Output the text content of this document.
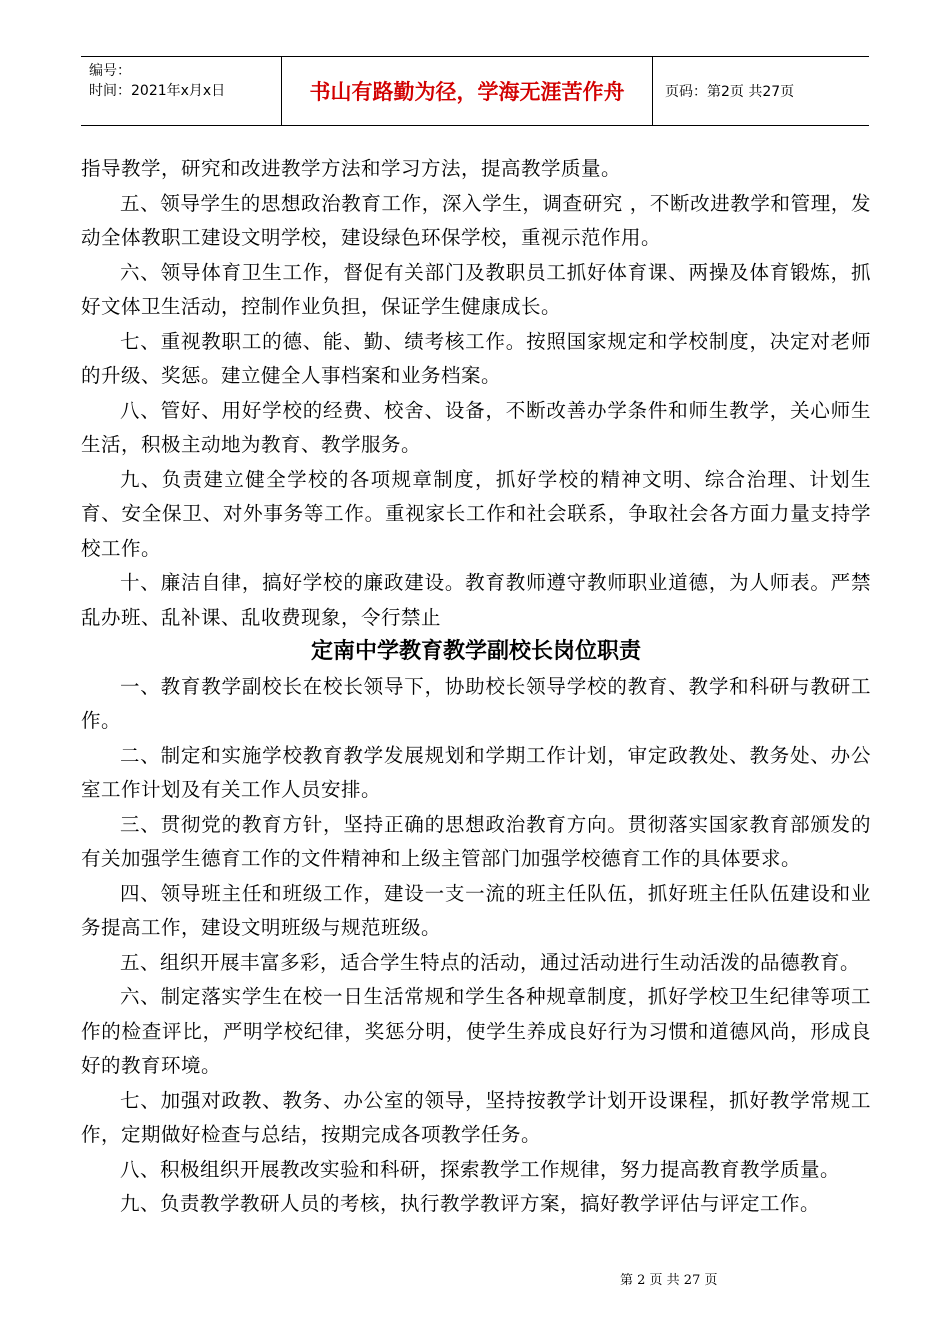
编号：
时间：2021年x月x日	书山有路勤为径，学海无涯苦作舟	页码：第2页 共27页

指导教学，研究和改进教学方法和学习方法，提高教学质量。

五、领导学生的思想政治教育工作，深入学生，调查研究 ，不断改进教学和管理，发动全体教职工建设文明学校，建设绿色环保学校，重视示范作用。

六、领导体育卫生工作，督促有关部门及教职员工抓好体育课、两操及体育锻炼，抓好文体卫生活动，控制作业负担，保证学生健康成长。

七、重视教职工的德、能、勤、绩考核工作。按照国家规定和学校制度，决定对老师的升级、奖惩。建立健全人事档案和业务档案。

八、管好、用好学校的经费、校舍、设备，不断改善办学条件和师生教学，关心师生生活，积极主动地为教育、教学服务。

九、负责建立健全学校的各项规章制度，抓好学校的精神文明、综合治理、计划生育、安全保卫、对外事务等工作。重视家长工作和社会联系，争取社会各方面力量支持学校工作。

十、廉洁自律，搞好学校的廉政建设。教育教师遵守教师职业道德，为人师表。严禁乱办班、乱补课、乱收费现象，令行禁止

定南中学教育教学副校长岗位职责

一、教育教学副校长在校长领导下，协助校长领导学校的教育、教学和科研与教研工作。

二、制定和实施学校教育教学发展规划和学期工作计划，审定政教处、教务处、办公室工作计划及有关工作人员安排。

三、贯彻党的教育方针，坚持正确的思想政治教育方向。贯彻落实国家教育部颁发的有关加强学生德育工作的文件精神和上级主管部门加强学校德育工作的具体要求。

四、领导班主任和班级工作，建设一支一流的班主任队伍，抓好班主任队伍建设和业务提高工作，建设文明班级与规范班级。

五、组织开展丰富多彩，适合学生特点的活动，通过活动进行生动活泼的品德教育。

六、制定落实学生在校一日生活常规和学生各种规章制度，抓好学校卫生纪律等项工作的检查评比，严明学校纪律，奖惩分明，使学生养成良好行为习惯和道德风尚，形成良好的教育环境。

七、加强对政教、教务、办公室的领导，坚持按教学计划开设课程，抓好教学常规工作，定期做好检查与总结，按期完成各项教学任务。

八、积极组织开展教改实验和科研，探索教学工作规律，努力提高教育教学质量。

九、负责教学教研人员的考核，执行教学教评方案，搞好教学评估与评定工作。

第 2 页 共 27 页
